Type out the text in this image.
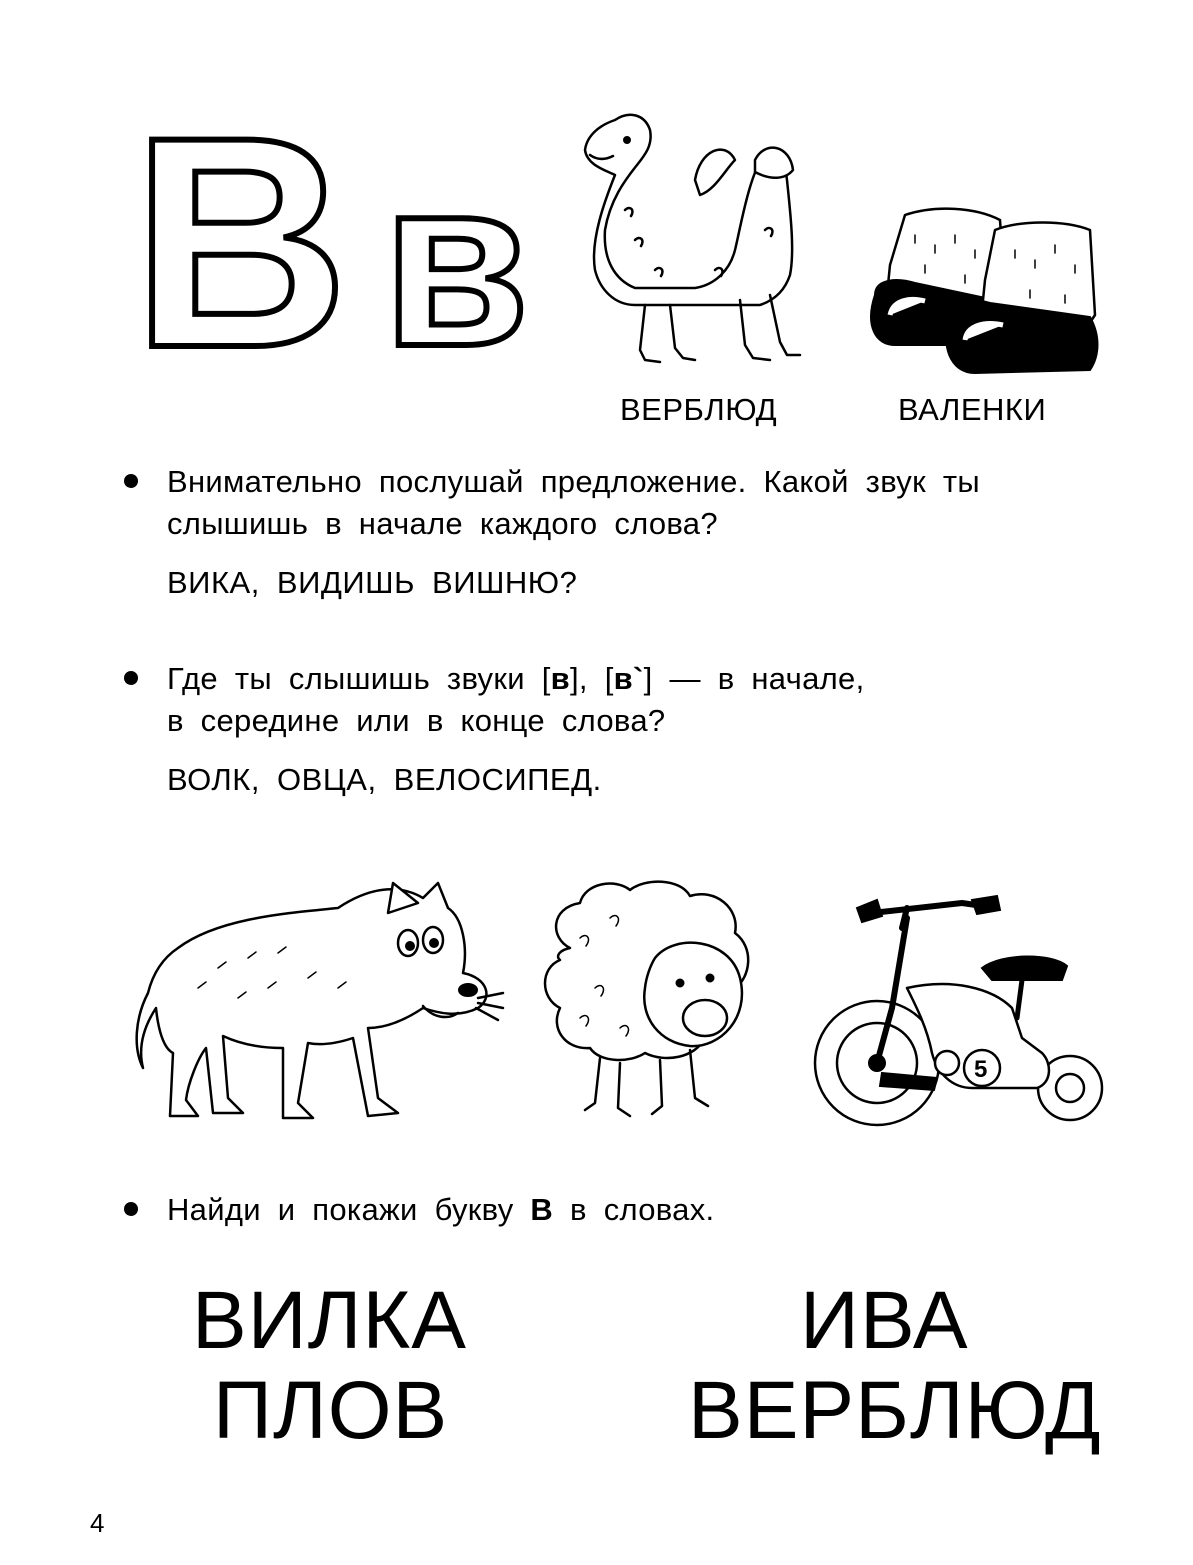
В в
ВЕРБЛЮД	ВАЛЕНКИ
Внимательно послушай предложение. Какой звук ты
слышишь в начале каждого слова?
ВИКА, ВИДИШЬ ВИШНЮ?
Где ты слышишь звуки [в], [в`] — в начале,
в середине или в конце слова?
ВОЛК, ОВЦА, ВЕЛОСИПЕД.
5
Найди и покажи букву В в словах.
ВИЛКА
ПЛОВ
ИВА
ВЕРБЛЮД
4
